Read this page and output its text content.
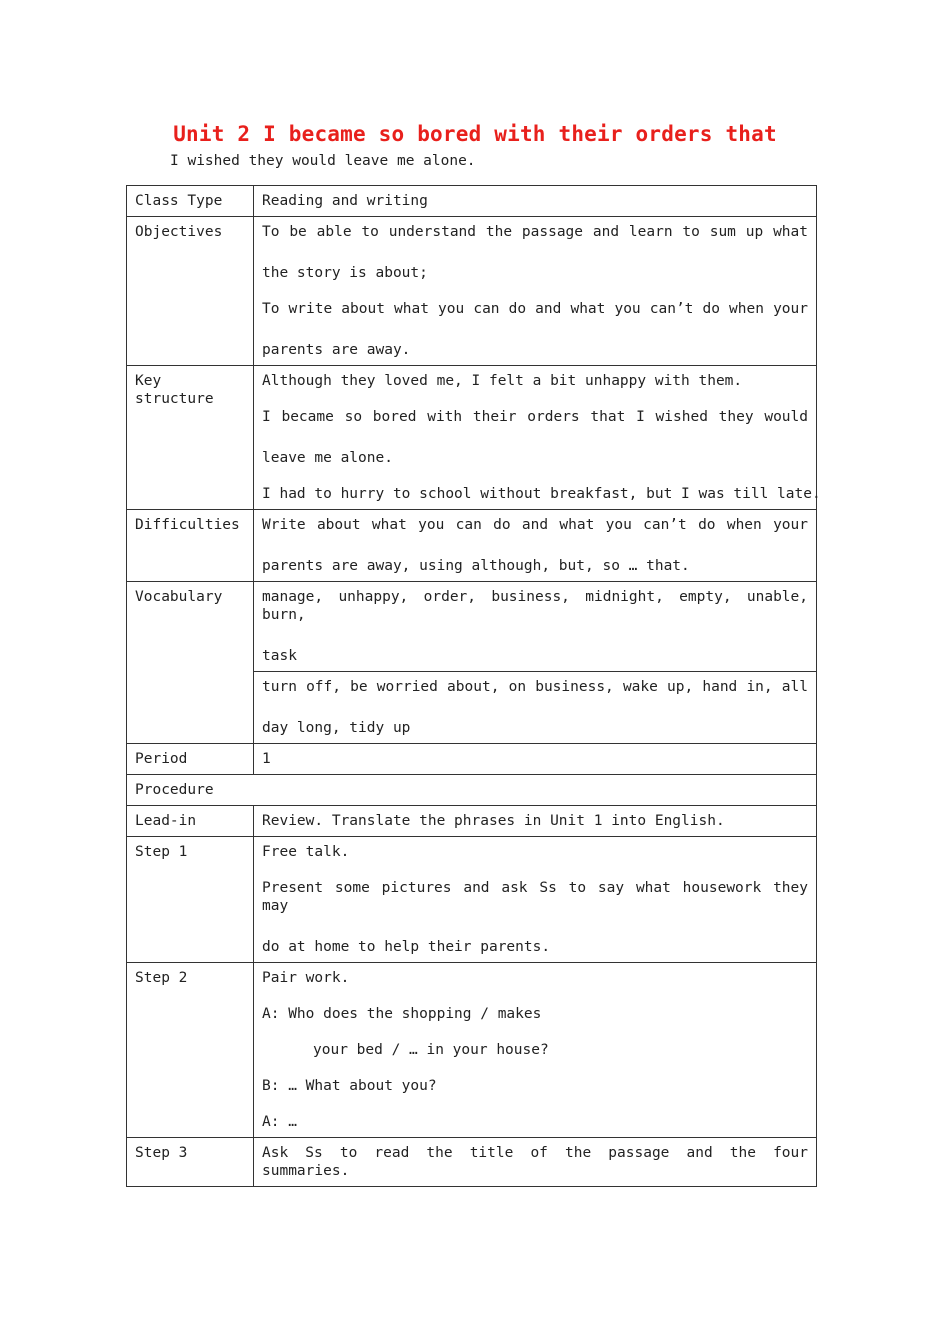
Unit 2 I became so bored with their orders that
I wished they would leave me alone.
Class Type	Reading and writing
Objectives	To be able to understand the passage and learn to sum up what
the story is about;
To write about what you can do and what you can’t do when your
parents are away.

Key structure	Although they loved me, I felt a bit unhappy with them.
I became so bored with their orders that I wished they would
leave me alone.
I had to hurry to school without breakfast, but I was till late.

Difficulties	Write about what you can do and what you can’t do when your
parents are away, using although, but, so … that.

Vocabulary	manage, unhappy, order, business, midnight, empty, unable, burn,
task

	turn off, be worried about, on business, wake up, hand in, all
day long, tidy up

Period	1
Procedure	
Lead-in	Review. Translate the phrases in Unit 1 into English.
Step 1	Free talk.
Present some pictures and ask Ss to say what housework they may
do at home to help their parents.

Step 2	Pair work.
A: Who does the shopping / makes
your bed / … in your house?
B: … What about you?
A: …

Step 3	Ask Ss to read the title of the passage and the four summaries.
